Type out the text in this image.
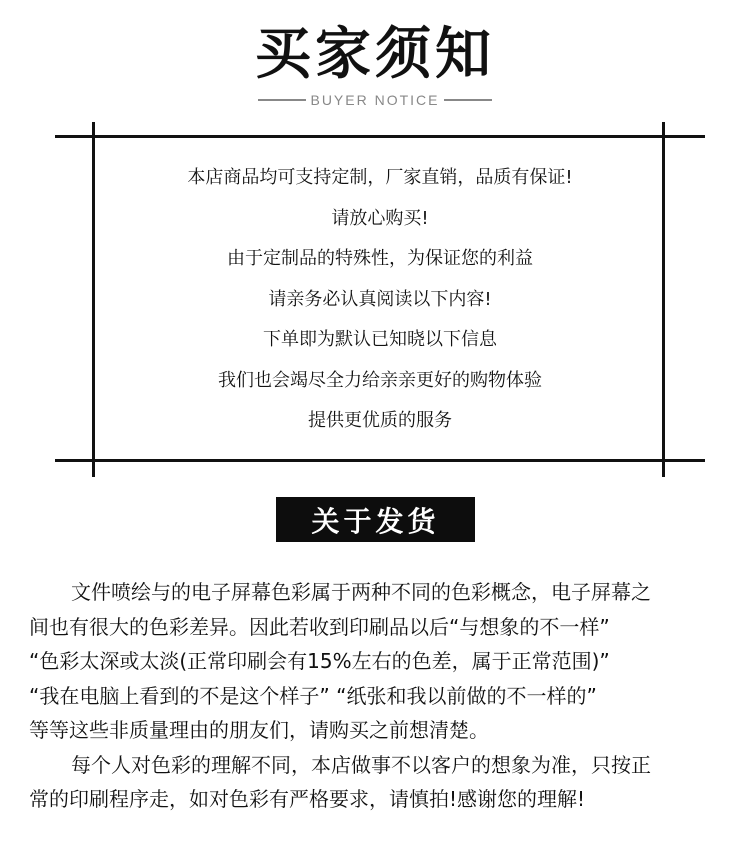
买家须知
BUYER NOTICE
本店商品均可支持定制，厂家直销，品质有保证!
请放心购买!
由于定制品的特殊性，为保证您的利益
请亲务必认真阅读以下内容!
下单即为默认已知晓以下信息
我们也会竭尽全力给亲亲更好的购物体验
提供更优质的服务
关于发货
文件喷绘与的电子屏幕色彩属于两种不同的色彩概念，电子屏幕之
间也有很大的色彩差异。因此若收到印刷品以后“与想象的不一样”
“色彩太深或太淡(正常印刷会有15%左右的色差，属于正常范围)”
“我在电脑上看到的不是这个样子” “纸张和我以前做的不一样的”
等等这些非质量理由的朋友们，请购买之前想清楚。
每个人对色彩的理解不同，本店做事不以客户的想象为准，只按正
常的印刷程序走，如对色彩有严格要求，请慎拍!感谢您的理解!
